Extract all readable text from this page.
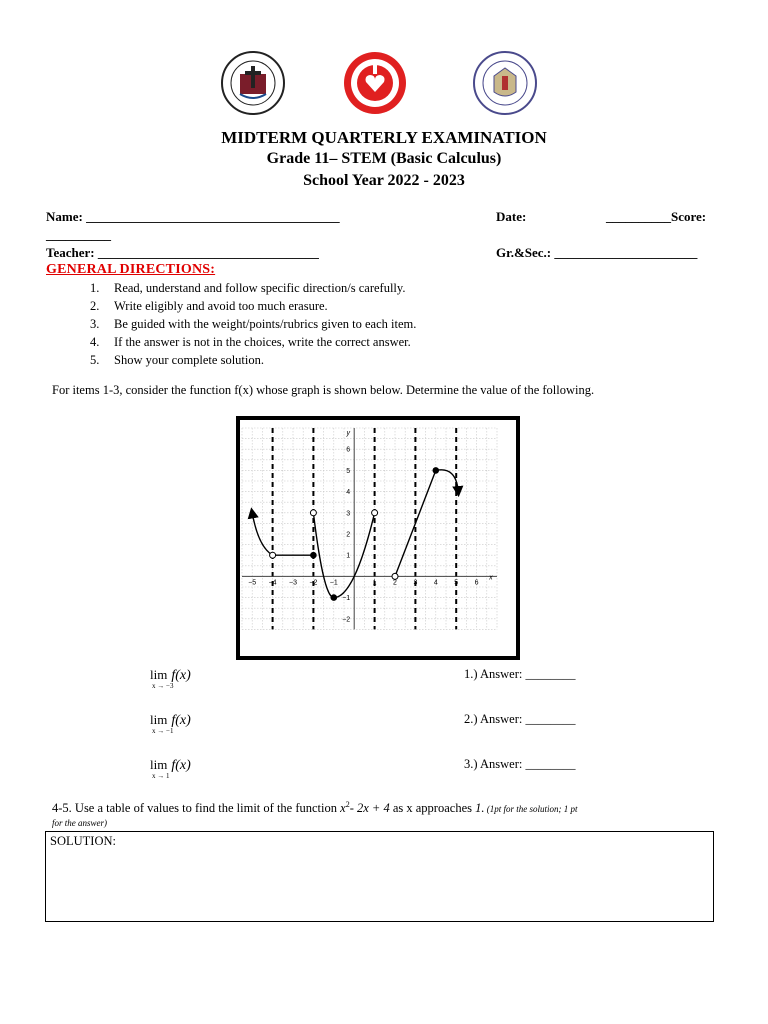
MIDTERM QUARTERLY EXAMINATION
Grade 11– STEM (Basic Calculus)
School Year 2022 - 2023
Name: _______________________________________	Date:	__________Score:
__________
Teacher: __________________________________	Gr.&Sec.: ______________________
GENERAL DIRECTIONS:
1. Read, understand and follow specific direction/s carefully.
2. Write eligibly and avoid too much erasure.
3. Be guided with the weight/points/rubrics given to each item.
4. If the answer is not in the choices, write the correct answer.
5. Show your complete solution.
For items 1-3, consider the function f(x) whose graph is shown below. Determine the value of the following.
−5 −4 −3 −2 −1	1 2 3 4 5 6
6
5
4
3
2
1
−1
−2
x
y
lim f(x)
x → −3
1.) Answer: ________
lim f(x)
x → −1
2.) Answer: ________
lim f(x)
x → 1
3.) Answer: ________
4-5. Use a table of values to find the limit of the function $x^2-$ 2x + 4 as x approaches 1. (1pt for the solution; 1 pt
for the answer)
SOLUTION:
